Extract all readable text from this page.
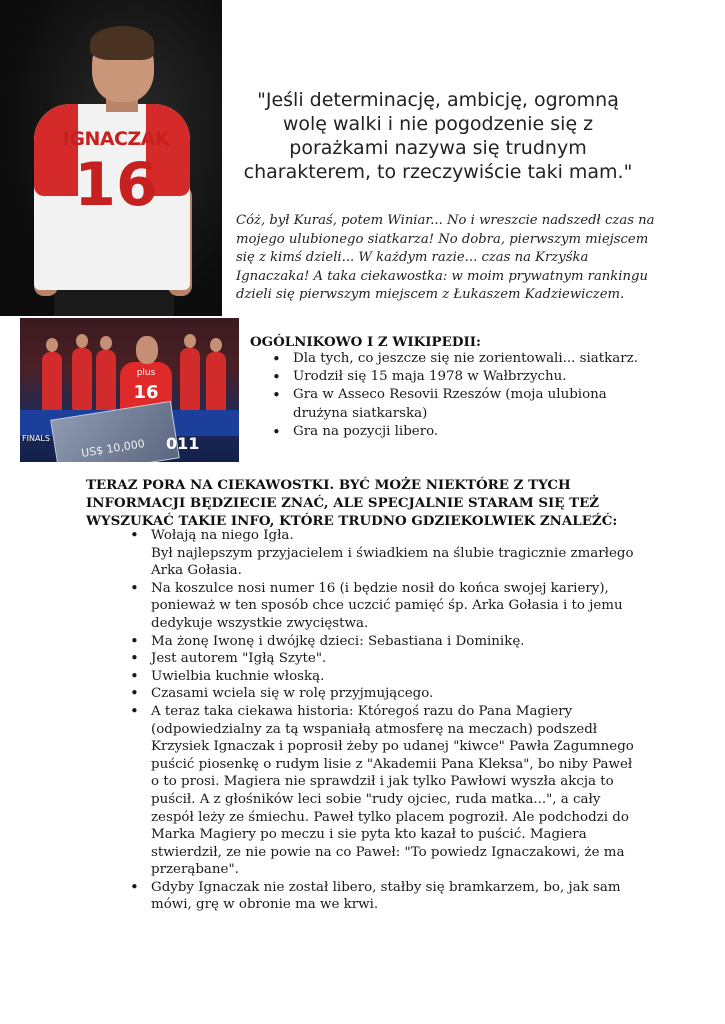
IGNACZAK
16
"Jeśli determinację, ambicję, ogromną wolę walki i nie pogodzenie się z porażkami nazywa się trudnym charakterem, to rzeczywiście taki mam."
Cóż, był Kuraś, potem Winiar... No i wreszcie nadszedł czas na mojego ulubionego siatkarza! No dobra, pierwszym miejscem się z kimś dzieli... W każdym razie... czas na Krzyśka Ignaczaka! A taka ciekawostka: w moim prywatnym rankingu dzieli się pierwszym miejscem z Łukaszem Kadziewiczem.
plus
16
US$ 10,000
FINALS	011
OGÓLNIKOWO I Z WIKIPEDII:
• Dla tych, co jeszcze się nie zorientowali... siatkarz.
• Urodził się 15 maja 1978 w Wałbrzychu.
• Gra w Asseco Resovii Rzeszów (moja ulubiona drużyna siatkarska)
• Gra na pozycji libero.
TERAZ PORA NA CIEKAWOSTKI. BYĆ MOŻE NIEKTÓRE Z TYCH INFORMACJI BĘDZIECIE ZNAĆ, ALE SPECJALNIE STARAM SIĘ TEŻ WYSZUKAĆ TAKIE INFO, KTÓRE TRUDNO GDZIEKOLWIEK ZNALEŹĆ:
• Wołają na niego Igła.
Był najlepszym przyjacielem i świadkiem na ślubie tragicznie zmarłego Arka Gołasia.
• Na koszulce nosi numer 16 (i będzie nosił do końca swojej kariery), ponieważ w ten sposób chce uczcić pamięć śp. Arka Gołasia i to jemu dedykuje wszystkie zwycięstwa.
• Ma żonę Iwonę i dwójkę dzieci: Sebastiana i Dominikę.
• Jest autorem "Igłą Szyte".
• Uwielbia kuchnie włoską.
• Czasami wciela się w rolę przyjmującego.
• A teraz taka ciekawa historia: Któregoś razu do Pana Magiery (odpowiedzialny za tą wspaniałą atmosferę na meczach) podszedł Krzysiek Ignaczak i poprosił żeby po udanej "kiwce" Pawła Zagumnego puścić piosenkę o rudym lisie z "Akademii Pana Kleksa", bo niby Paweł o to prosi. Magiera nie sprawdził i jak tylko Pawłowi wyszła akcja to puścił. A z głośników leci sobie "rudy ojciec, ruda matka...", a cały zespół leży ze śmiechu. Paweł tylko placem pogroził. Ale podchodzi do Marka Magiery po meczu i sie pyta kto kazał to puścić. Magiera stwierdził, ze nie powie na co Paweł: "To powiedz Ignaczakowi, że ma przerąbane".
• Gdyby Ignaczak nie został libero, stałby się bramkarzem, bo, jak sam mówi, grę w obronie ma we krwi.
